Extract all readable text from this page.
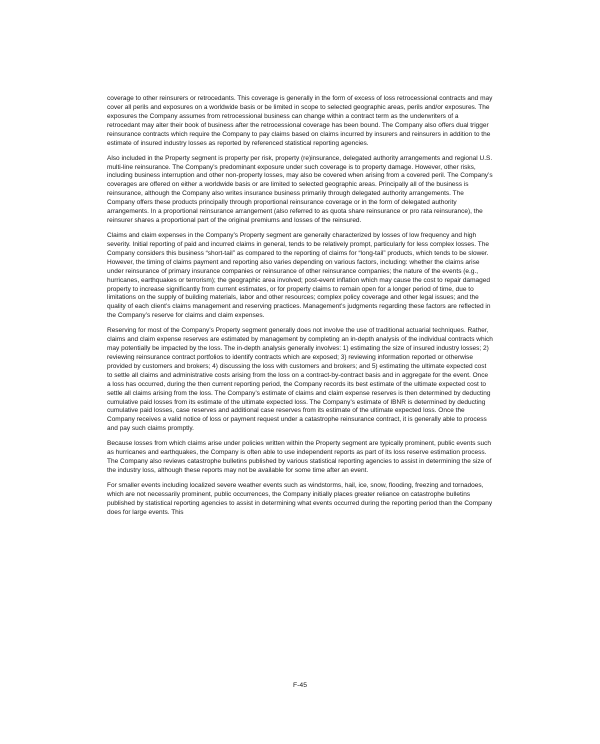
coverage to other reinsurers or retrocedants. This coverage is generally in the form of excess of loss retrocessional contracts and may cover all perils and exposures on a worldwide basis or be limited in scope to selected geographic areas, perils and/or exposures. The exposures the Company assumes from retrocessional business can change within a contract term as the underwriters of a retrocedant may alter their book of business after the retrocessional coverage has been bound. The Company also offers dual trigger reinsurance contracts which require the Company to pay claims based on claims incurred by insurers and reinsurers in addition to the estimate of insured industry losses as reported by referenced statistical reporting agencies.

Also included in the Property segment is property per risk, property (re)insurance, delegated authority arrangements and regional U.S. multi-line reinsurance. The Company’s predominant exposure under such coverage is to property damage. However, other risks, including business interruption and other non-property losses, may also be covered when arising from a covered peril. The Company’s coverages are offered on either a worldwide basis or are limited to selected geographic areas. Principally all of the business is reinsurance, although the Company also writes insurance business primarily through delegated authority arrangements. The Company offers these products principally through proportional reinsurance coverage or in the form of delegated authority arrangements. In a proportional reinsurance arrangement (also referred to as quota share reinsurance or pro rata reinsurance), the reinsurer shares a proportional part of the original premiums and losses of the reinsured.

Claims and claim expenses in the Company’s Property segment are generally characterized by losses of low frequency and high severity. Initial reporting of paid and incurred claims in general, tends to be relatively prompt, particularly for less complex losses. The Company considers this business “short-tail” as compared to the reporting of claims for “long-tail” products, which tends to be slower. However, the timing of claims payment and reporting also varies depending on various factors, including: whether the claims arise under reinsurance of primary insurance companies or reinsurance of other reinsurance companies; the nature of the events (e.g., hurricanes, earthquakes or terrorism); the geographic area involved; post-event inflation which may cause the cost to repair damaged property to increase significantly from current estimates, or for property claims to remain open for a longer period of time, due to limitations on the supply of building materials, labor and other resources; complex policy coverage and other legal issues; and the quality of each client’s claims management and reserving practices. Management’s judgments regarding these factors are reflected in the Company’s reserve for claims and claim expenses.

Reserving for most of the Company’s Property segment generally does not involve the use of traditional actuarial techniques. Rather, claims and claim expense reserves are estimated by management by completing an in-depth analysis of the individual contracts which may potentially be impacted by the loss. The in-depth analysis generally involves: 1) estimating the size of insured industry losses; 2) reviewing reinsurance contract portfolios to identify contracts which are exposed; 3) reviewing information reported or otherwise provided by customers and brokers; 4) discussing the loss with customers and brokers; and 5) estimating the ultimate expected cost to settle all claims and administrative costs arising from the loss on a contract-by-contract basis and in aggregate for the event. Once a loss has occurred, during the then current reporting period, the Company records its best estimate of the ultimate expected cost to settle all claims arising from the loss. The Company’s estimate of claims and claim expense reserves is then determined by deducting cumulative paid losses from its estimate of the ultimate expected loss. The Company’s estimate of IBNR is determined by deducting cumulative paid losses, case reserves and additional case reserves from its estimate of the ultimate expected loss. Once the Company receives a valid notice of loss or payment request under a catastrophe reinsurance contract, it is generally able to process and pay such claims promptly.

Because losses from which claims arise under policies written within the Property segment are typically prominent, public events such as hurricanes and earthquakes, the Company is often able to use independent reports as part of its loss reserve estimation process. The Company also reviews catastrophe bulletins published by various statistical reporting agencies to assist in determining the size of the industry loss, although these reports may not be available for some time after an event.

For smaller events including localized severe weather events such as windstorms, hail, ice, snow, flooding, freezing and tornadoes, which are not necessarily prominent, public occurrences, the Company initially places greater reliance on catastrophe bulletins published by statistical reporting agencies to assist in determining what events occurred during the reporting period than the Company does for large events. This

F-45
